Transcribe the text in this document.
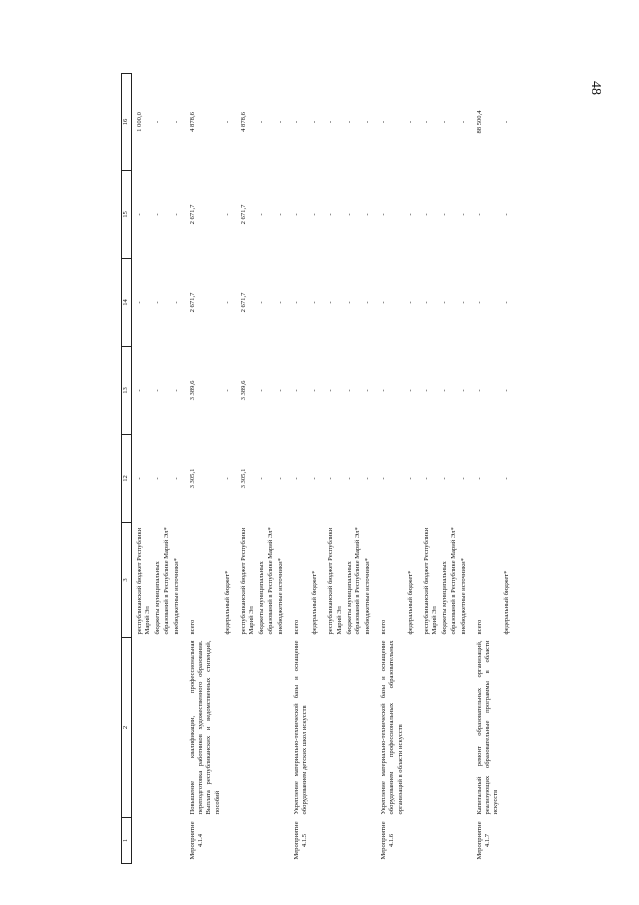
48
1	2	3	12	13	14	15	16
		республиканский бюджет Республики Марий Эл	-	-	-	-	1 000,0
		бюджеты муниципальных образований в Республике Марий Эл*	-	-	-	-	-
		внебюджетные источники*	-	-	-	-	-
Мероприятие 4.1.4	Повышение квалификации, профессиональная переподготовка работников художественного образования. Выплата республиканских и ведомственных стипендий, пособий	всего	3 305,1	3 389,6	2 671,7	2 671,7	4 878,6
		федеральный бюджет*	-	-	-	-	-
		республиканский бюджет Республики Марий Эл	3 305,1	3 389,6	2 671,7	2 671,7	4 878,6
		бюджеты муниципальных образований в Республике Марий Эл*	-	-	-	-	-
		внебюджетные источники*	-	-	-	-	-
Мероприятие 4.1.5	Укрепление материально-технической базы и оснащение оборудованием детских школ искусств	всего	-	-	-	-	-
		федеральный бюджет*	-	-	-	-	-
		республиканский бюджет Республики Марий Эл	-	-	-	-	-
		бюджеты муниципальных образований в Республике Марий Эл*	-	-	-	-	-
		внебюджетные источники*	-	-	-	-	-
Мероприятие 4.1.6	Укрепление материально-технической базы и оснащение оборудованием профессиональных образовательных организаций в области искусств	всего	-	-	-	-	-
		федеральный бюджет*	-	-	-	-	-
		республиканский бюджет Республики Марий Эл	-	-	-	-	-
		бюджеты муниципальных образований в Республике Марий Эл*	-	-	-	-	-
		внебюджетные источники*	-	-	-	-	-
Мероприятие 4.1.7	Капитальный ремонт образовательных организаций, реализующих образовательные программы в области искусств	всего	-	-	-	-	88 500,4
		федеральный бюджет*	-	-	-	-	-
